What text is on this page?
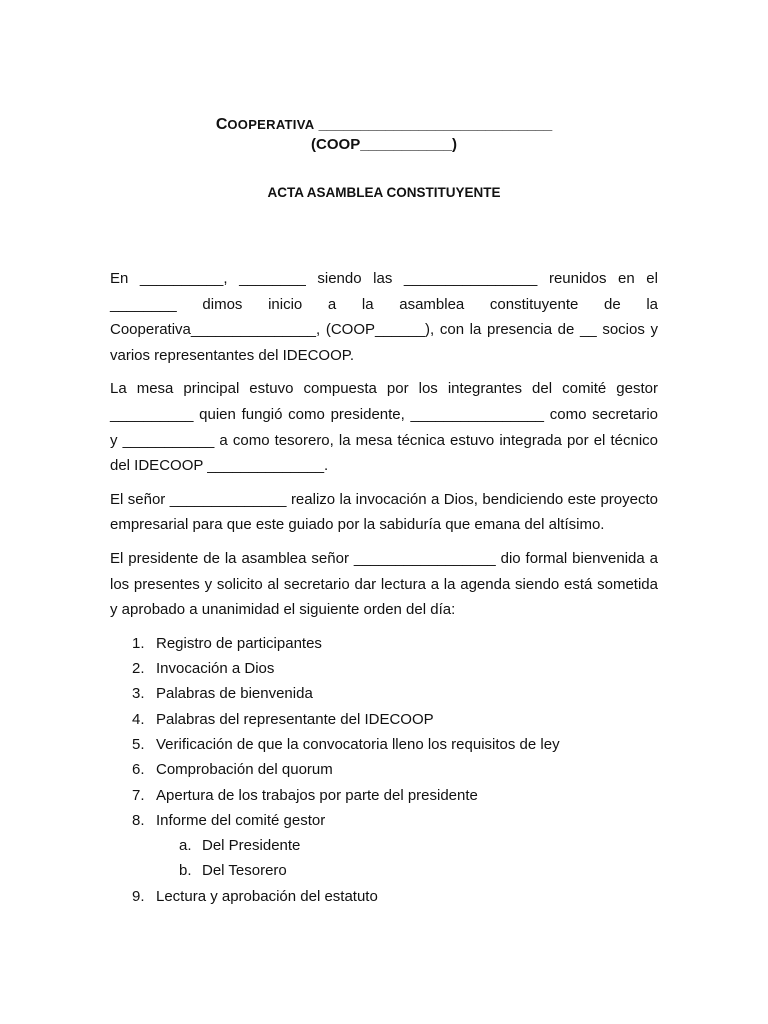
COOPERATIVA ____________________________
(COOP___________)
ACTA ASAMBLEA CONSTITUYENTE

En __________, ________ siendo las ________________ reunidos en el ________ dimos inicio a la asamblea constituyente de la Cooperativa_______________, (COOP______), con la presencia de __ socios y varios representantes del IDECOOP.

La mesa principal estuvo compuesta por los integrantes del comité gestor __________ quien fungió como presidente, ________________ como secretario y ___________ a como tesorero, la mesa técnica estuvo integrada por el técnico del IDECOOP ______________.

El señor ______________ realizo la invocación a Dios, bendiciendo este proyecto empresarial para que este guiado por la sabiduría que emana del altísimo.

El presidente de la asamblea señor _________________ dio formal bienvenida a los presentes y solicito al secretario dar lectura a la agenda siendo está sometida y aprobado a unanimidad el siguiente orden del día:

1. Registro de participantes
2. Invocación a Dios
3. Palabras de bienvenida
4. Palabras del representante del IDECOOP
5. Verificación de que la convocatoria lleno los requisitos de ley
6. Comprobación del quorum
7. Apertura de los trabajos por parte del presidente
8. Informe del comité gestor
a. Del Presidente
b. Del Tesorero
9. Lectura y aprobación del estatuto
